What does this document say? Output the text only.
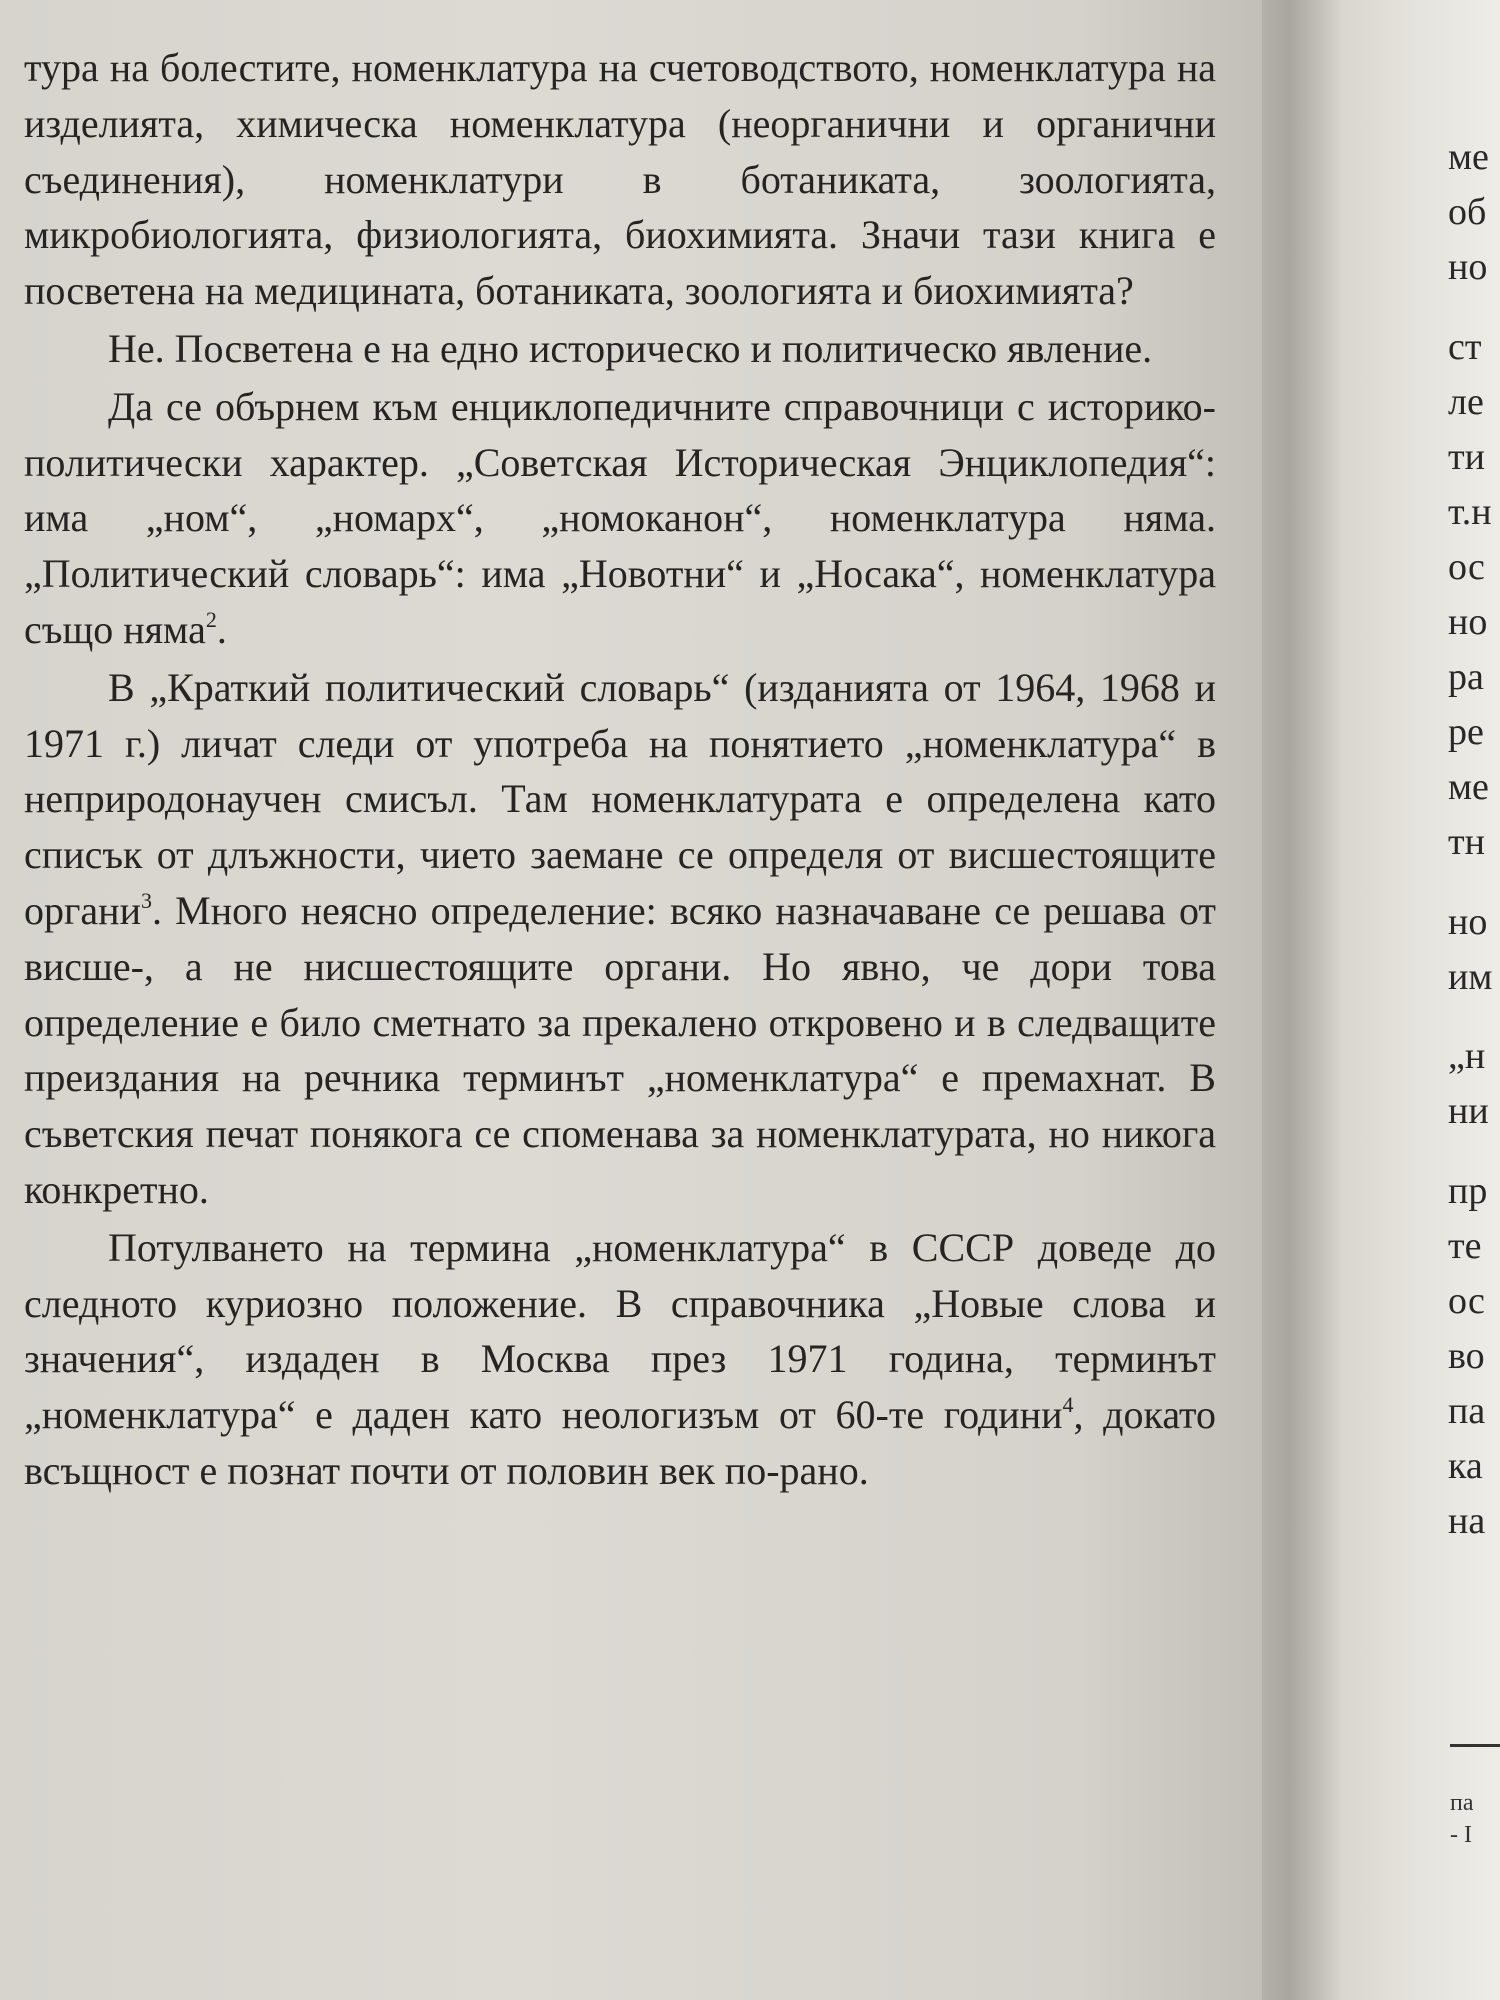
тура на болестите, номенклатура на счетоводството, номенклатура на изделията, химическа номенклатура (неорганични и органични съединения), номенклатури в ботаниката, зоологията, микробиологията, физиологията, биохимията. Значи тази книга е посветена на медицината, ботаниката, зоологията и биохимията?

Не. Посветена е на едно историческо и политическо явление.

Да се обърнем към енциклопедичните справочници с историко-политически характер. „Советская Историческая Энциклопедия“: има „ном“, „номарх“, „номоканон“, номенклатура няма. „Политический словарь“: има „Новотни“ и „Носака“, номенклатура също няма$^2$.

В „Краткий политический словарь“ (изданията от 1964, 1968 и 1971 г.) личат следи от употреба на понятието „номенклатура“ в неприродонаучен смисъл. Там номенклатурата е определена като списък от длъжности, чието заемане се определя от висшестоящите органи$^3$. Много неясно определение: всяко назначаване се решава от висше-, а не нисшестоящите органи. Но явно, че дори това определение е било сметнато за прекалено откровено и в следващите преиздания на речника терминът „номенклатура“ е премахнат. В съветския печат понякога се споменава за номенклатурата, но никога конкретно.

Потулването на термина „номенклатура“ в СССР доведе до следното куриозно положение. В справочника „Новые слова и значения“, издаден в Москва през 1971 година, терминът „номенклатура“ е даден като неологизъм от 60-те години$^4$, докато всъщност е познат почти от половин век по-рано.

ме
об
но
ст
ле
ти
т.н
ос
но
ра
ре
ме
тн
но
им
„н
ни
пр
те
ос
во
па
ка
на
па
- І
